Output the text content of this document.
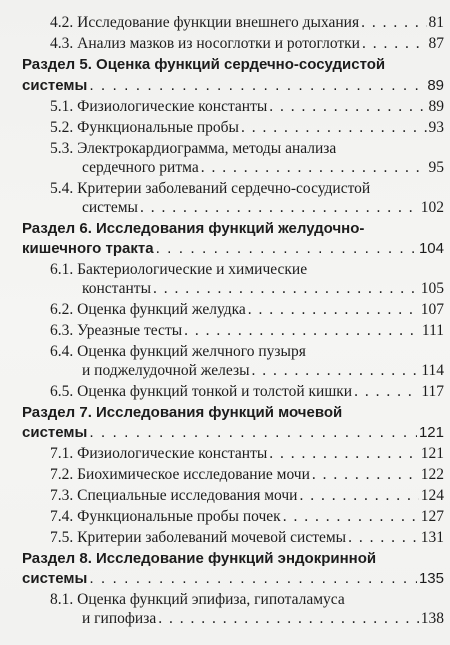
4.2.
Исследование функции внешнего дыхания . . .	81
4.3.
Анализ мазков из носоглотки и ротоглотки . . .	87
Раздел 5. Оценка функций сердечно-сосудистой
системы . . .	89
5.1.
Физиологические константы . . .	89
5.2.
Функциональные пробы . . .	93
5.3. Электрокардиограмма, методы анализа
сердечного ритма . . .	95
5.4. Критерии заболеваний сердечно-сосудистой
системы . . .	102
Раздел 6. Исследования функций желудочно-
кишечного тракта . . .	104
6.1. Бактериологические и химические
константы . . .	105
6.2.
Оценка функций желудка . . .	107
6.3.
Уреазные тесты . . .	111
6.4. Оценка функций желчного пузыря
и поджелудочной железы . . .	114
6.5.
Оценка функций тонкой и толстой кишки . . .	117
Раздел 7. Исследования функций мочевой
системы . . .	121
7.1.
Физиологические константы . . .	121
7.2.
Биохимическое исследование мочи . . .	122
7.3.
Специальные исследования мочи . . .	124
7.4.
Функциональные пробы почек . . .	127
7.5.
Критерии заболеваний мочевой системы . . .	131
Раздел 8. Исследование функций эндокринной
системы . . .	135
8.1. Оценка функций эпифиза, гипоталамуса
и гипофиза . . .	138
